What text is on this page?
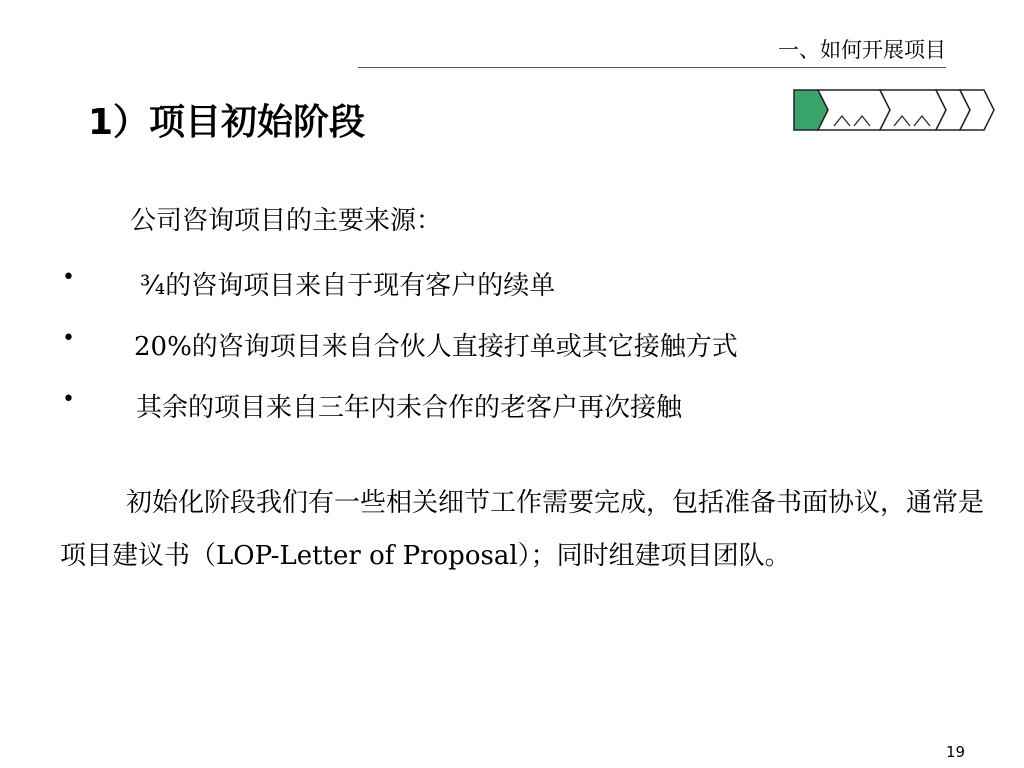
一、如何开展项目
1）项目初始阶段
公司咨询项目的主要来源：
•	¾的咨询项目来自于现有客户的续单
• 20%的咨询项目来自合伙人直接打单或其它接触方式
• 其余的项目来自三年内未合作的老客户再次接触
初始化阶段我们有一些相关细节工作需要完成，包括准备书面协议，通常是项目建议书（LOP-Letter of Proposal）；同时组建项目团队。
19
